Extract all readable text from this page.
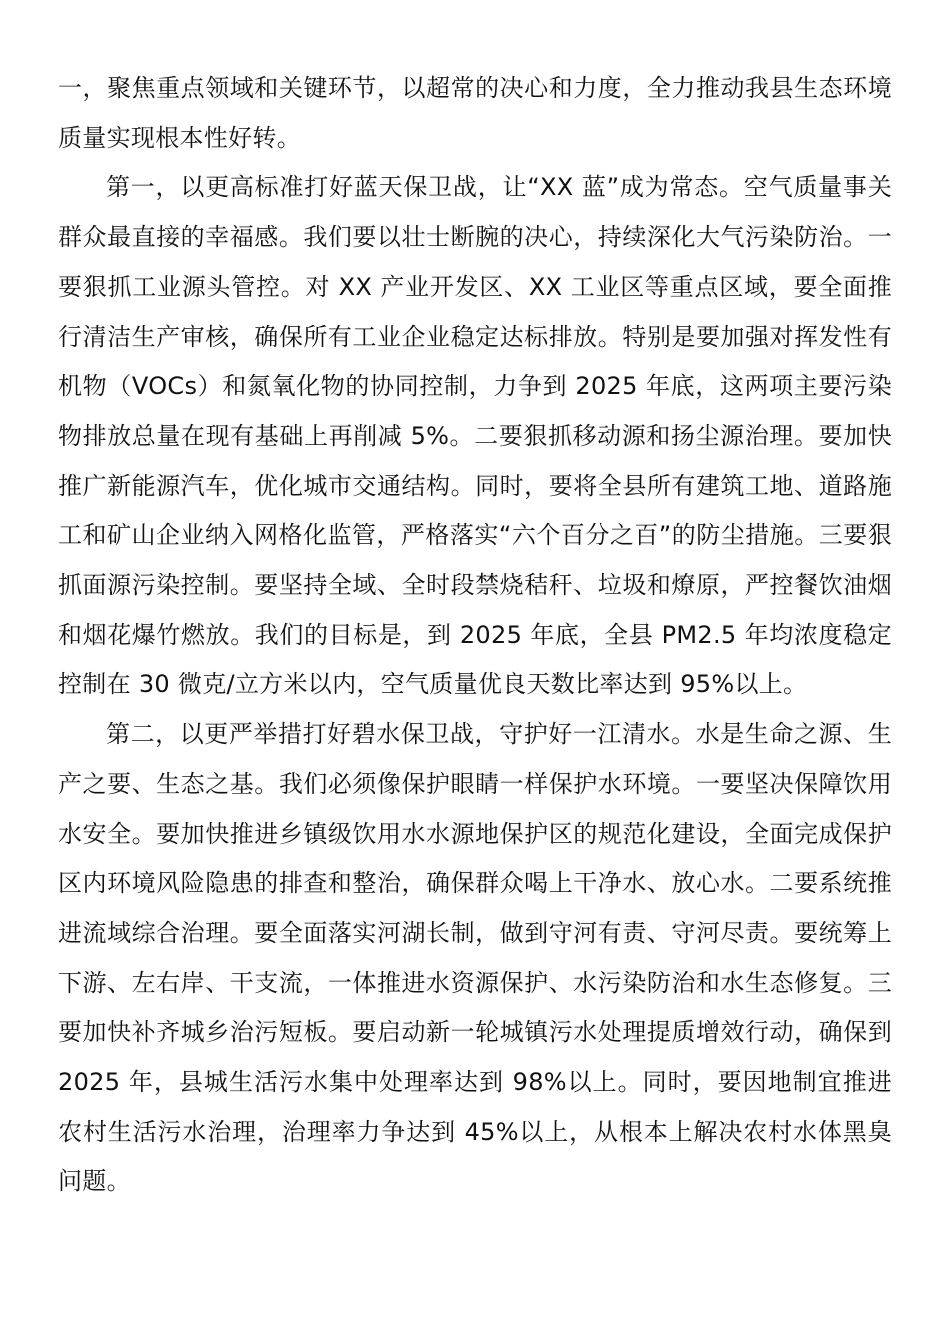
一，聚焦重点领域和关键环节，以超常的决心和力度，全力推动我县生态环境质量实现根本性好转。

第一，以更高标准打好蓝天保卫战，让“XX 蓝”成为常态。空气质量事关群众最直接的幸福感。我们要以壮士断腕的决心，持续深化大气污染防治。一要狠抓工业源头管控。对 XX 产业开发区、XX 工业区等重点区域，要全面推行清洁生产审核，确保所有工业企业稳定达标排放。特别是要加强对挥发性有机物（VOCs）和氮氧化物的协同控制，力争到 2025 年底，这两项主要污染物排放总量在现有基础上再削减 5%。二要狠抓移动源和扬尘源治理。要加快推广新能源汽车，优化城市交通结构。同时，要将全县所有建筑工地、道路施工和矿山企业纳入网格化监管，严格落实“六个百分之百”的防尘措施。三要狠抓面源污染控制。要坚持全域、全时段禁烧秸秆、垃圾和燎原，严控餐饮油烟和烟花爆竹燃放。我们的目标是，到 2025 年底，全县 PM2.5 年均浓度稳定控制在 30 微克/立方米以内，空气质量优良天数比率达到 95%以上。

第二，以更严举措打好碧水保卫战，守护好一江清水。水是生命之源、生产之要、生态之基。我们必须像保护眼睛一样保护水环境。一要坚决保障饮用水安全。要加快推进乡镇级饮用水水源地保护区的规范化建设，全面完成保护区内环境风险隐患的排查和整治，确保群众喝上干净水、放心水。二要系统推进流域综合治理。要全面落实河湖长制，做到守河有责、守河尽责。要统筹上下游、左右岸、干支流，一体推进水资源保护、水污染防治和水生态修复。三要加快补齐城乡治污短板。要启动新一轮城镇污水处理提质增效行动，确保到 2025 年，县城生活污水集中处理率达到 98%以上。同时，要因地制宜推进农村生活污水治理，治理率力争达到 45%以上，从根本上解决农村水体黑臭问题。
